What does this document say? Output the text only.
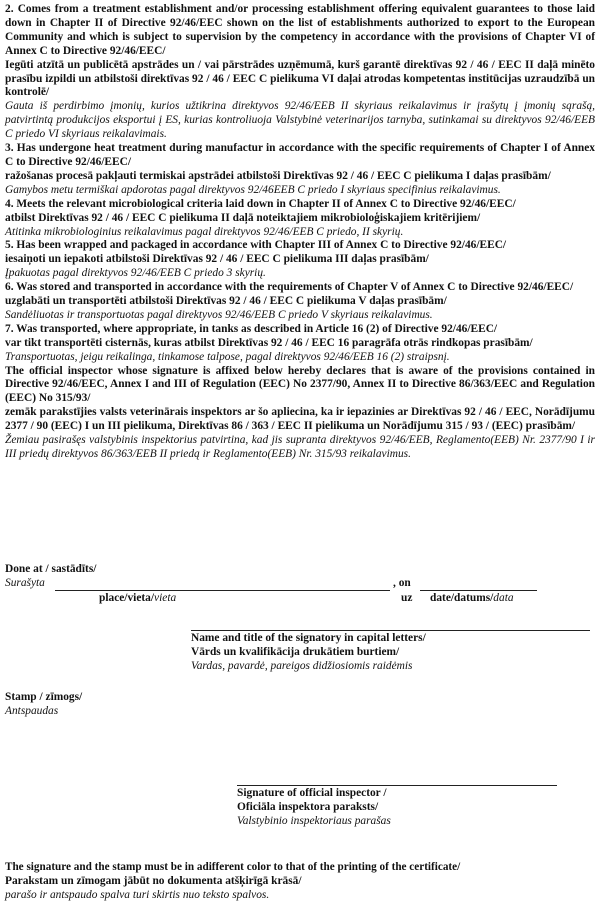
2. Comes from a treatment establishment and/or processing establishment offering equivalent guarantees to those laid down in Chapter II of Directive 92/46/EEC shown on the list of establishments authorized to export to the European Community and which is subject to supervision by the competency in accordance with the provisions of Chapter VI of Annex C to Directive 92/46/EEC/

Iegūti atzītā un publicētā apstrādes un / vai pārstrādes uzņēmumā, kurš garantē direktīvas 92 / 46 / EEC II daļā minēto prasību izpildi un atbilstoši direktīvas 92 / 46 / EEC C pielikuma VI daļai atrodas kompetentas institūcijas uzraudzībā un kontrolē/

Gauta iš perdirbimo įmonių, kurios užtikrina direktyvos 92/46/EEB II skyriaus reikalavimus ir įrašytų į įmonių sąrašą, patvirtintą produkcijos eksportui į ES, kurias kontroliuoja Valstybinė veterinarijos tarnyba, sutinkamai su direktyvos 92/46/EEB C priedo VI skyriaus reikalavimais.

3. Has undergone heat treatment during manufactur in accordance with the specific requirements of Chapter I of Annex C to Directive 92/46/EEC/

ražošanas procesā pakļauti termiskai apstrādei atbilstoši Direktīvas 92 / 46 / EEC C pielikuma I daļas prasībām/

Gamybos metu termiškai apdorotas pagal direktyvos 92/46EEB C priedo I skyriaus specifinius reikalavimus.

4. Meets the relevant microbiological criteria laid down in Chapter II of Annex C to Directive 92/46/EEC/

atbilst Direktīvas 92 / 46 / EEC C pielikuma II daļā noteiktajiem mikrobioloģiskajiem kritērijiem/

Atitinka mikrobiologinius reikalavimus pagal direktyvos 92/46/EEB C priedo, II skyrių.

5. Has been wrapped and packaged in accordance with Chapter III of Annex C to Directive 92/46/EEC/

iesaiņoti un iepakoti atbilstoši Direktīvas 92 / 46 / EEC C pielikuma III daļas prasībām/

Įpakuotas pagal direktyvos 92/46/EEB C priedo 3 skyrių.

6. Was stored and transported in accordance with the requirements of Chapter V of Annex C to Directive 92/46/EEC/

uzglabāti un transportēti atbilstoši Direktīvas 92 / 46 / EEC C pielikuma V daļas prasībām/

Sandėliuotas ir transportuotas pagal direktyvos 92/46/EEB C priedo V skyriaus reikalavimus.

7. Was transported, where appropriate, in tanks as described in Article 16 (2) of Directive 92/46/EEC/

var tikt transportēti cisternās, kuras atbilst Direktīvas 92 / 46 / EEC 16 paragrāfa otrās rindkopas prasībām/

Transportuotas, jeigu reikalinga, tinkamose talpose, pagal direktyvos 92/46/EEB 16 (2) straipsnį.

The official inspector whose signature is affixed below hereby declares that is aware of the provisions contained in Directive 92/46/EEC, Annex I and III of Regulation (EEC) No 2377/90, Annex II to Directive 86/363/EEC and Regulation (EEC) No 315/93/

zemāk parakstījies valsts veterinārais inspektors ar šo apliecina, ka ir iepazinies ar Direktīvas 92 / 46 / EEC, Norādījumu 2377 / 90 (EEC) I un III pielikuma, Direktīvas 86 / 363 / EEC II pielikuma un Norādījumu 315 / 93 / (EEC) prasībām/

Žemiau pasirašęs valstybinis inspektorius patvirtina, kad jis supranta direktyvos 92/46/EEB, Reglamento(EEB) Nr. 2377/90 I ir III priedų direktyvos 86/363/EEB II priedą ir Reglamento(EEB) Nr. 315/93 reikalavimus.

Done at / sastādīts/
Surašyta	, on
place/vieta/vieta	uz date/datums/data
Name and title of the signatory in capital letters/
Vārds un kvalifikācija drukātiem burtiem/
Vardas, pavardė, pareigos didžiosiomis raidėmis
Stamp / zīmogs/
Antspaudas
Signature of official inspector /
Oficiāla inspektora paraksts/
Valstybinio inspektoriaus parašas
The signature and the stamp must be in adifferent color to that of the printing of the certificate/
Parakstam un zīmogam jābūt no dokumenta atšķirīgā krāsā/
parašo ir antspaudo spalva turi skirtis nuo teksto spalvos.
